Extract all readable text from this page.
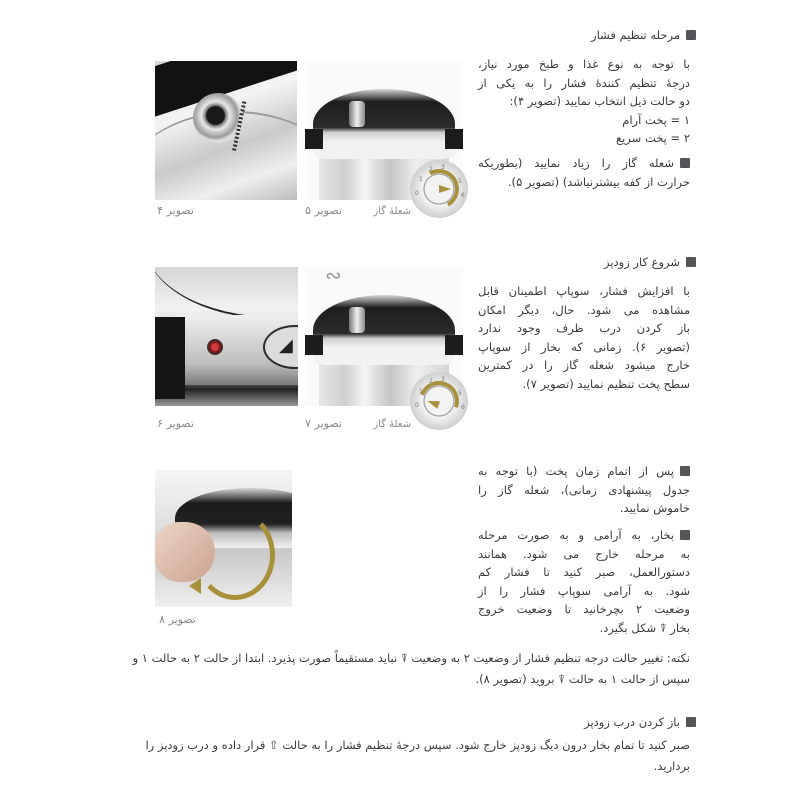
مرحله تنظیم فشار
با توجه به نوع غذا و طبخ مورد نیاز،
درجهٔ تنظیم کنندهٔ فشار را به یکی از
دو حالت ذیل انتخاب نمایید (تصویر ۴):
۱ = پخت آرام
۲ = پخت سریع
شعله گاز را زیاد نمایید (بطوریکه
حرارت از کفه بیشترنباشد) (تصویر ۵).
تصویر ۴
0
1
2 3
5
6
تصویر ۵	شعلهٔ گاز
شروع کار زودپز
با افزایش فشار، سوپاپ اطمینان قابل
مشاهده می شود. حال، دیگر امکان
باز کردن درب ظرف وجود ندارد
(تصویر ۶). زمانی که بخار از سوپاپ
خارج میشود شعله گاز را در کمترین
سطح پخت تنظیم نمایید (تصویر ۷).
◢
تصویر ۶
∾
0
1
2 3
5
6
تصویر ۷	شعلهٔ گاز
پس از اتمام زمان پخت (با توجه به
جدول پیشنهادی زمانی)، شعله گاز را
خاموش نمایید.
بخار، به آرامی و به صورت مرحله
به مرحله خارج می شود. همانند
دستورالعمل، صبر کنید تا فشار کم
شود. به آرامی سوپاپ فشار را از
وضعیت ۲ بچرخانید تا وضعیت خروج
بخار ⍒ شکل بگیرد.
تصویر ۸
نکته: تغییر حالت درجه تنظیم فشار از وضعیت ۲ به وضعیت ⍒ نباید مستقیماً صورت پذیرد. ابتدا از حالت ۲ به حالت ۱ و
سپس از حالت ۱ به حالت ⍒ بروید (تصویر ۸).
باز کردن درب زودپز
صبر کنید تا تمام بخار درون دیگ زودپز خارج شود. سپس درجهٔ تنظیم فشار را به حالت ⇧ قرار داده و درب زودپز را
بردارید.
